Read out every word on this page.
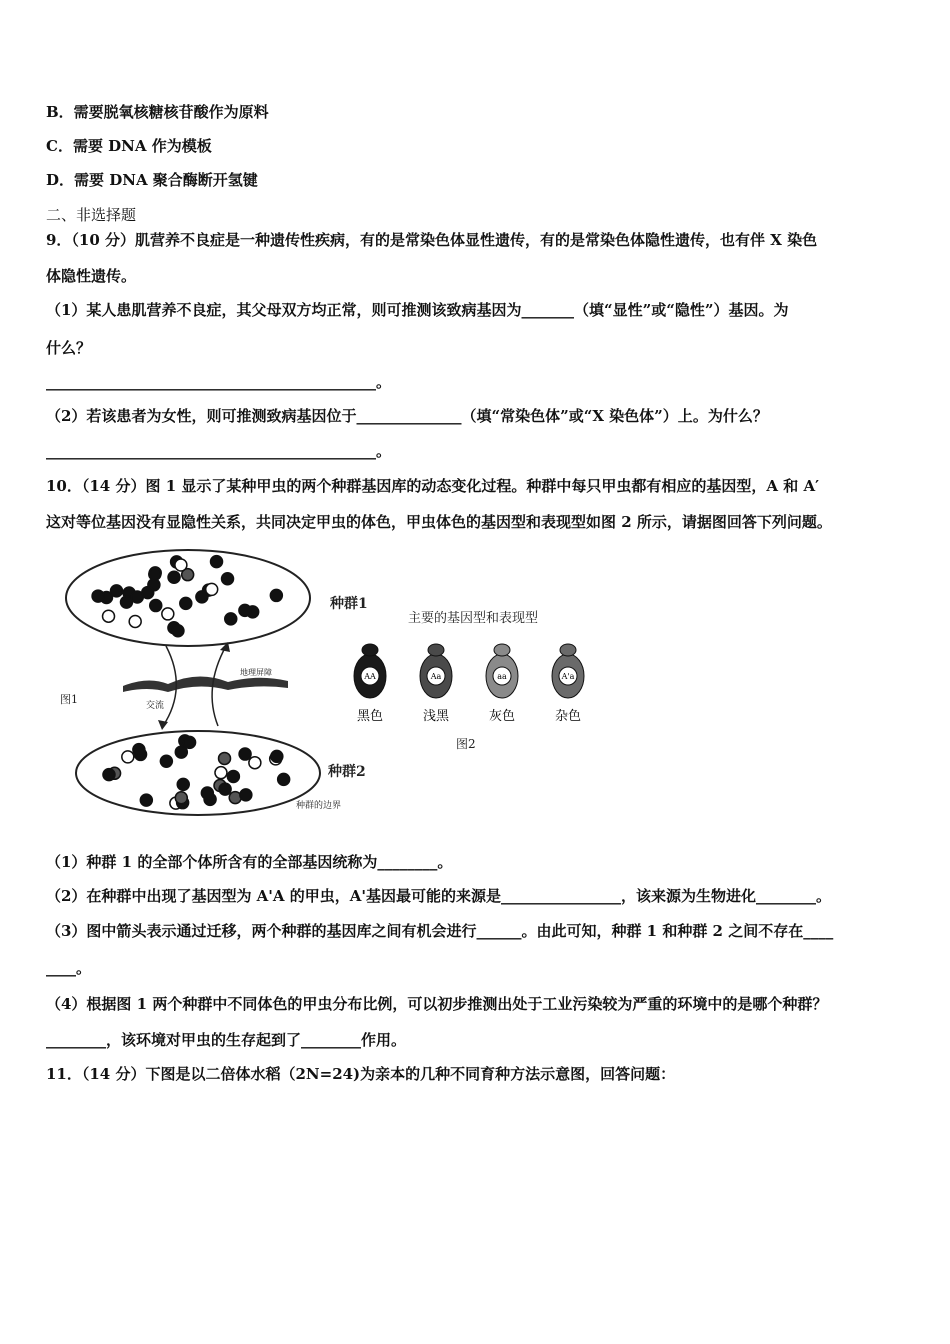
B．需要脱氧核糖核苷酸作为原料
C．需要 DNA 作为模板
D．需要 DNA 聚合酶断开氢键
二、非选择题
9．（10 分）肌营养不良症是一种遗传性疾病，有的是常染色体显性遗传，有的是常染色体隐性遗传，也有伴 X 染色
体隐性遗传。
（1）某人患肌营养不良症，其父母双方均正常，则可推测该致病基因为_______（填“显性”或“隐性”）基因。为
什么？
____________________________________________。
（2）若该患者为女性，则可推测致病基因位于______________（填“常染色体”或“X 染色体”）上。为什么？
____________________________________________。
10．（14 分）图 1 显示了某种甲虫的两个种群基因库的动态变化过程。种群中每只甲虫都有相应的基因型，A 和 A′
这对等位基因没有显隐性关系，共同决定甲虫的体色，甲虫体色的基因型和表现型如图 2 所示，请据图回答下列问题。
种群1
种群2
图1	交流
地理屏障
种群的边界
主要的基因型和表现型
AA
黑色
Aa
浅黑
aa
灰色
A'a
杂色
图2
（1）种群 1 的全部个体所含有的全部基因统称为________。
（2）在种群中出现了基因型为 A'A 的甲虫，A'基因最可能的来源是________________，该来源为生物进化________。
（3）图中箭头表示通过迁移，两个种群的基因库之间有机会进行______。由此可知，种群 1 和种群 2 之间不存在____
____。
（4）根据图 1 两个种群中不同体色的甲虫分布比例，可以初步推测出处于工业污染较为严重的环境中的是哪个种群？
________，该环境对甲虫的生存起到了________作用。
11．（14 分）下图是以二倍体水稻（2N=24)为亲本的几种不同育种方法示意图，回答问题：
